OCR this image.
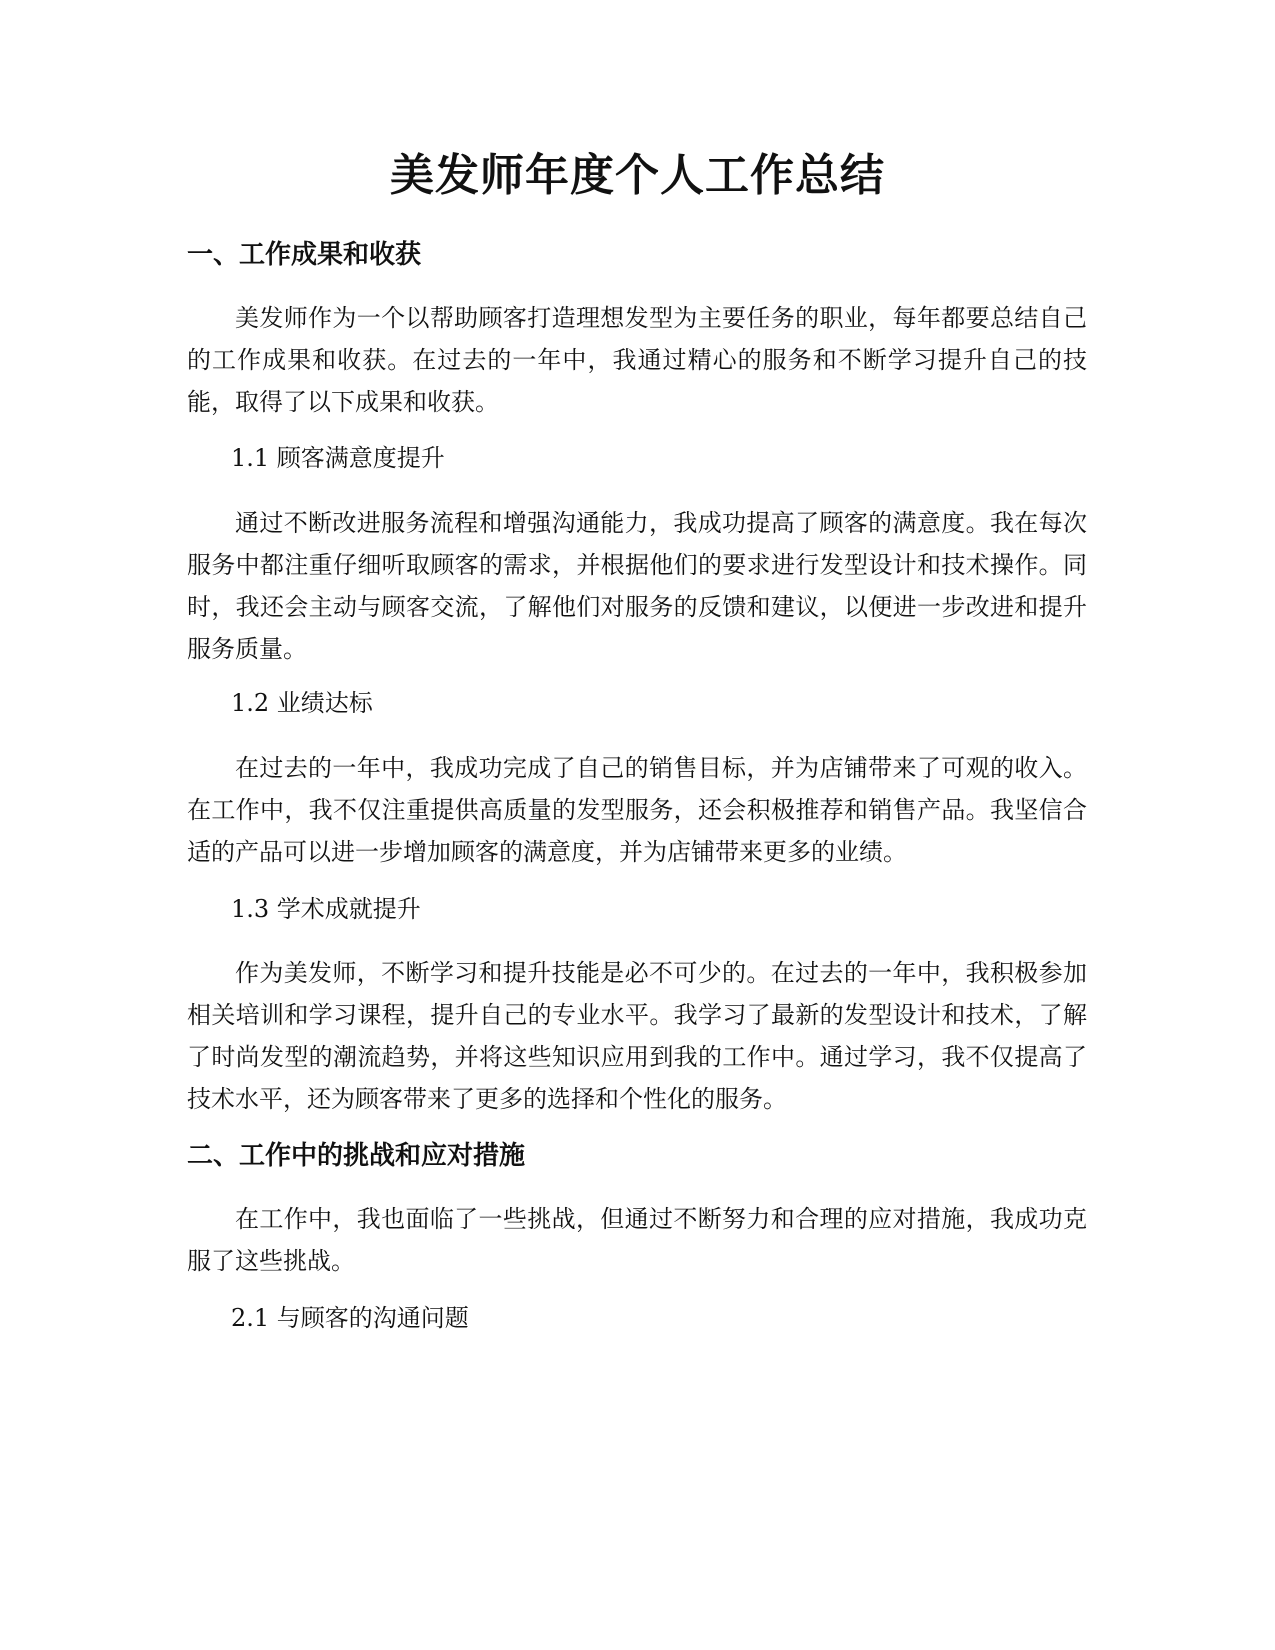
美发师年度个人工作总结
一、工作成果和收获

美发师作为一个以帮助顾客打造理想发型为主要任务的职业，每年都要总结自己的工作成果和收获。在过去的一年中，我通过精心的服务和不断学习提升自己的技能，取得了以下成果和收获。

1.1 顾客满意度提升

通过不断改进服务流程和增强沟通能力，我成功提高了顾客的满意度。我在每次服务中都注重仔细听取顾客的需求，并根据他们的要求进行发型设计和技术操作。同时，我还会主动与顾客交流，了解他们对服务的反馈和建议，以便进一步改进和提升服务质量。

1.2 业绩达标

在过去的一年中，我成功完成了自己的销售目标，并为店铺带来了可观的收入。在工作中，我不仅注重提供高质量的发型服务，还会积极推荐和销售产品。我坚信合适的产品可以进一步增加顾客的满意度，并为店铺带来更多的业绩。

1.3 学术成就提升

作为美发师，不断学习和提升技能是必不可少的。在过去的一年中，我积极参加相关培训和学习课程，提升自己的专业水平。我学习了最新的发型设计和技术，了解了时尚发型的潮流趋势，并将这些知识应用到我的工作中。通过学习，我不仅提高了技术水平，还为顾客带来了更多的选择和个性化的服务。

二、工作中的挑战和应对措施

在工作中，我也面临了一些挑战，但通过不断努力和合理的应对措施，我成功克服了这些挑战。

2.1 与顾客的沟通问题
